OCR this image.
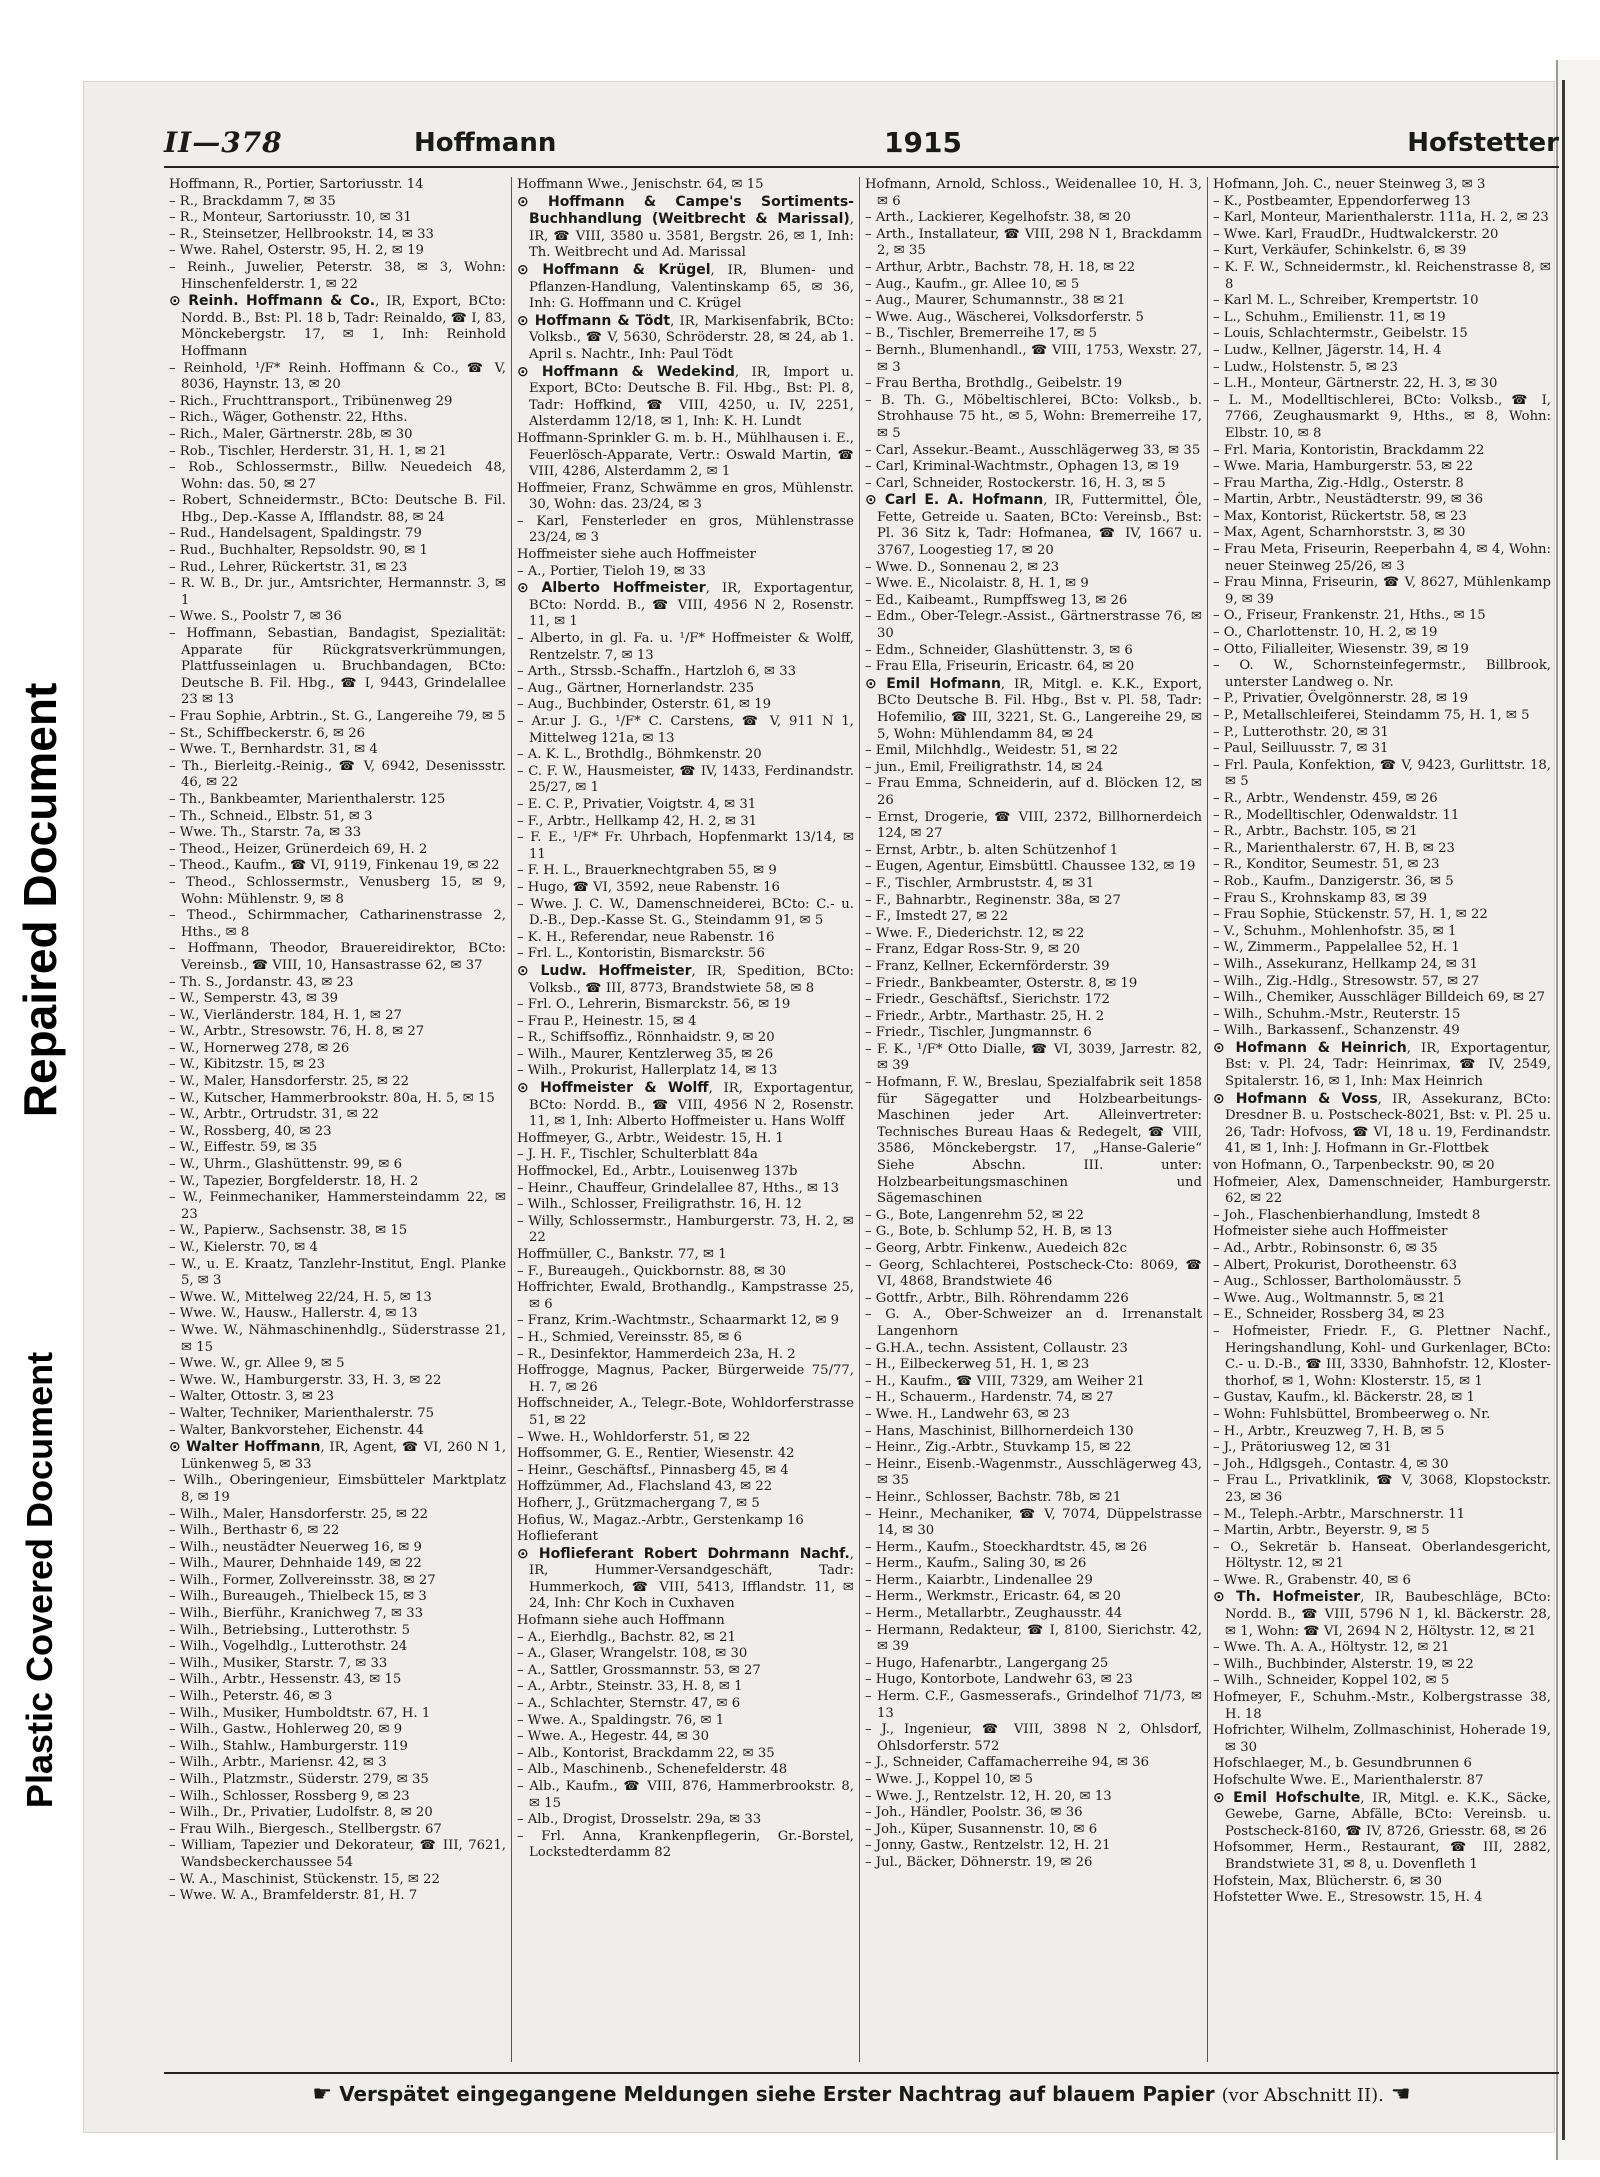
Repaired Document
Plastic Covered Document
II—378	Hoffmann	1915	Hofstetter

Hoffmann, R., Portier, Sartoriusstr. 14

– R., Brackdamm 7, ✉ 35

– R., Monteur, Sartoriusstr. 10, ✉ 31

– R., Steinsetzer, Hellbrookstr. 14, ✉ 33

– Wwe. Rahel, Osterstr. 95, H. 2, ✉ 19

– Reinh., Juwelier, Peterstr. 38, ✉ 3, Wohn: Hinschenfelderstr. 1, ✉ 22

⊙ Reinh. Hoffmann & Co., IR, Export, BCto: Nordd. B., Bst: Pl. 18 b, Tadr: Reinaldo, ☎ I, 83, Mönckebergstr. 17, ✉ 1, Inh: Reinhold Hoffmann

– Reinhold, ¹/F* Reinh. Hoffmann & Co., ☎ V, 8036, Haynstr. 13, ✉ 20

– Rich., Fruchttransport., Tribünenweg 29

– Rich., Wäger, Gothenstr. 22, Hths.

– Rich., Maler, Gärtnerstr. 28b, ✉ 30

– Rob., Tischler, Herderstr. 31, H. 1, ✉ 21

– Rob., Schlossermstr., Billw. Neuedeich 48, Wohn: das. 50, ✉ 27

– Robert, Schneidermstr., BCto: Deutsche B. Fil. Hbg., Dep.-Kasse A, Ifflandstr. 88, ✉ 24

– Rud., Handelsagent, Spaldingstr. 79

– Rud., Buchhalter, Repsoldstr. 90, ✉ 1

– Rud., Lehrer, Rückertstr. 31, ✉ 23

– R. W. B., Dr. jur., Amtsrichter, Hermannstr. 3, ✉ 1

– Wwe. S., Poolstr 7, ✉ 36

– Hoffmann, Sebastian, Bandagist, Spezialität: Apparate für Rückgratsverkrümmungen, Plattfusseinlagen u. Bruchbandagen, BCto: Deutsche B. Fil. Hbg., ☎ I, 9443, Grindelallee 23 ✉ 13

– Frau Sophie, Arbtrin., St. G., Langereihe 79, ✉ 5

– St., Schiffbeckerstr. 6, ✉ 26

– Wwe. T., Bernhardstr. 31, ✉ 4

– Th., Bierleitg.-Reinig., ☎ V, 6942, Desenissstr. 46, ✉ 22

– Th., Bankbeamter, Marienthalerstr. 125

– Th., Schneid., Elbstr. 51, ✉ 3

– Wwe. Th., Starstr. 7a, ✉ 33

– Theod., Heizer, Grünerdeich 69, H. 2

– Theod., Kaufm., ☎ VI, 9119, Finkenau 19, ✉ 22

– Theod., Schlossermstr., Venusberg 15, ✉ 9, Wohn: Mühlenstr. 9, ✉ 8

– Theod., Schirmmacher, Catharinenstrasse 2, Hths., ✉ 8

– Hoffmann, Theodor, Brauereidirektor, BCto: Vereinsb., ☎ VIII, 10, Hansastrasse 62, ✉ 37

– Th. S., Jordanstr. 43, ✉ 23

– W., Semperstr. 43, ✉ 39

– W., Vierländerstr. 184, H. 1, ✉ 27

– W., Arbtr., Stresowstr. 76, H. 8, ✉ 27

– W., Hornerweg 278, ✉ 26

– W., Kibitzstr. 15, ✉ 23

– W., Maler, Hansdorferstr. 25, ✉ 22

– W., Kutscher, Hammerbrookstr. 80a, H. 5, ✉ 15

– W., Arbtr., Ortrudstr. 31, ✉ 22

– W., Rossberg, 40, ✉ 23

– W., Eiffestr. 59, ✉ 35

– W., Uhrm., Glashüttenstr. 99, ✉ 6

– W., Tapezier, Borgfelderstr. 18, H. 2

– W., Feinmechaniker, Hammersteindamm 22, ✉ 23

– W., Papierw., Sachsenstr. 38, ✉ 15

– W., Kielerstr. 70, ✉ 4

– W., u. E. Kraatz, Tanzlehr-Institut, Engl. Planke 5, ✉ 3

– Wwe. W., Mittelweg 22/24, H. 5, ✉ 13

– Wwe. W., Hausw., Hallerstr. 4, ✉ 13

– Wwe. W., Nähmaschinenhdlg., Süderstrasse 21, ✉ 15

– Wwe. W., gr. Allee 9, ✉ 5

– Wwe. W., Hamburgerstr. 33, H. 3, ✉ 22

– Walter, Ottostr. 3, ✉ 23

– Walter, Techniker, Marienthalerstr. 75

– Walter, Bankvorsteher, Eichenstr. 44

⊙ Walter Hoffmann, IR, Agent, ☎ VI, 260 N 1, Lünkenweg 5, ✉ 33

– Wilh., Oberingenieur, Eimsbütteler Marktplatz 8, ✉ 19

– Wilh., Maler, Hansdorferstr. 25, ✉ 22

– Wilh., Berthastr 6, ✉ 22

– Wilh., neustädter Neuerweg 16, ✉ 9

– Wilh., Maurer, Dehnhaide 149, ✉ 22

– Wilh., Former, Zollvereinsstr. 38, ✉ 27

– Wilh., Bureaugeh., Thielbeck 15, ✉ 3

– Wilh., Bierführ., Kranichweg 7, ✉ 33

– Wilh., Betriebsing., Lutterothstr. 5

– Wilh., Vogelhdlg., Lutterothstr. 24

– Wilh., Musiker, Starstr. 7, ✉ 33

– Wilh., Arbtr., Hessenstr. 43, ✉ 15

– Wilh., Peterstr. 46, ✉ 3

– Wilh., Musiker, Humboldtstr. 67, H. 1

– Wilh., Gastw., Hohlerweg 20, ✉ 9

– Wilh., Stahlw., Hamburgerstr. 119

– Wilh., Arbtr., Mariensr. 42, ✉ 3

– Wilh., Platzmstr., Süderstr. 279, ✉ 35

– Wilh., Schlosser, Rossberg 9, ✉ 23

– Wilh., Dr., Privatier, Ludolfstr. 8, ✉ 20

– Frau Wilh., Biergesch., Stellbergstr. 67

– William, Tapezier und Dekorateur, ☎ III, 7621, Wandsbeckerchaussee 54

– W. A., Maschinist, Stückenstr. 15, ✉ 22

– Wwe. W. A., Bramfelderstr. 81, H. 7

Hoffmann Wwe., Jenischstr. 64, ✉ 15

⊙ Hoffmann & Campe's Sortiments-Buchhandlung (Weitbrecht & Marissal), IR, ☎ VIII, 3580 u. 3581, Bergstr. 26, ✉ 1, Inh: Th. Weitbrecht und Ad. Marissal

⊙ Hoffmann & Krügel, IR, Blumen- und Pflanzen-Handlung, Valentinskamp 65, ✉ 36, Inh: G. Hoffmann und C. Krügel

⊙ Hoffmann & Tödt, IR, Markisenfabrik, BCto: Volksb., ☎ V, 5630, Schröderstr. 28, ✉ 24, ab 1. April s. Nachtr., Inh: Paul Tödt

⊙ Hoffmann & Wedekind, IR, Import u. Export, BCto: Deutsche B. Fil. Hbg., Bst: Pl. 8, Tadr: Hoffkind, ☎ VIII, 4250, u. IV, 2251, Alsterdamm 12/18, ✉ 1, Inh: K. H. Lundt

Hoffmann-Sprinkler G. m. b. H., Mühlhausen i. E., Feuerlösch-Apparate, Vertr.: Oswald Martin, ☎ VIII, 4286, Alsterdamm 2, ✉ 1

Hoffmeier, Franz, Schwämme en gros, Mühlenstr. 30, Wohn: das. 23/24, ✉ 3

– Karl, Fensterleder en gros, Mühlenstrasse 23/24, ✉ 3

Hoffmeister siehe auch Hoffmeister

– A., Portier, Tieloh 19, ✉ 33

⊙ Alberto Hoffmeister, IR, Exportagentur, BCto: Nordd. B., ☎ VIII, 4956 N 2, Rosenstr. 11, ✉ 1

– Alberto, in gl. Fa. u. ¹/F* Hoffmeister & Wolff, Rentzelstr. 7, ✉ 13

– Arth., Strssb.-Schaffn., Hartzloh 6, ✉ 33

– Aug., Gärtner, Hornerlandstr. 235

– Aug., Buchbinder, Osterstr. 61, ✉ 19

– Ar.ur J. G., ¹/F* C. Carstens, ☎ V, 911 N 1, Mittelweg 121a, ✉ 13

– A. K. L., Brothdlg., Böhmkenstr. 20

– C. F. W., Hausmeister, ☎ IV, 1433, Ferdinandstr. 25/27, ✉ 1

– E. C. P., Privatier, Voigtstr. 4, ✉ 31

– F., Arbtr., Hellkamp 42, H. 2, ✉ 31

– F. E., ¹/F* Fr. Uhrbach, Hopfenmarkt 13/14, ✉ 11

– F. H. L., Brauerknechtgraben 55, ✉ 9

– Hugo, ☎ VI, 3592, neue Rabenstr. 16

– Wwe. J. C. W., Damenschneiderei, BCto: C.- u. D.-B., Dep.-Kasse St. G., Steindamm 91, ✉ 5

– K. H., Referendar, neue Rabenstr. 16

– Frl. L., Kontoristin, Bismarckstr. 56

⊙ Ludw. Hoffmeister, IR, Spedition, BCto: Volksb., ☎ III, 8773, Brandstwiete 58, ✉ 8

– Frl. O., Lehrerin, Bismarckstr. 56, ✉ 19

– Frau P., Heinestr. 15, ✉ 4

– R., Schiffsoffiz., Rönnhaidstr. 9, ✉ 20

– Wilh., Maurer, Kentzlerweg 35, ✉ 26

– Wilh., Prokurist, Hallerplatz 14, ✉ 13

⊙ Hoffmeister & Wolff, IR, Exportagentur, BCto: Nordd. B., ☎ VIII, 4956 N 2, Rosenstr. 11, ✉ 1, Inh: Alberto Hoffmeister u. Hans Wolff

Hoffmeyer, G., Arbtr., Weidestr. 15, H. 1

– J. H. F., Tischler, Schulterblatt 84a

Hoffmockel, Ed., Arbtr., Louisenweg 137b

– Heinr., Chauffeur, Grindelallee 87, Hths., ✉ 13

– Wilh., Schlosser, Freiligrathstr. 16, H. 12

– Willy, Schlossermstr., Hamburgerstr. 73, H. 2, ✉ 22

Hoffmüller, C., Bankstr. 77, ✉ 1

– F., Bureaugeh., Quickbornstr. 88, ✉ 30

Hoffrichter, Ewald, Brothandlg., Kampstrasse 25, ✉ 6

– Franz, Krim.-Wachtmstr., Schaarmarkt 12, ✉ 9

– H., Schmied, Vereinsstr. 85, ✉ 6

– R., Desinfektor, Hammerdeich 23a, H. 2

Hoffrogge, Magnus, Packer, Bürgerweide 75/77, H. 7, ✉ 26

Hoffschneider, A., Telegr.-Bote, Wohldorferstrasse 51, ✉ 22

– Wwe. H., Wohldorferstr. 51, ✉ 22

Hoffsommer, G. E., Rentier, Wiesenstr. 42

– Heinr., Geschäftsf., Pinnasberg 45, ✉ 4

Hoffzümmer, Ad., Flachsland 43, ✉ 22

Hofherr, J., Grützmachergang 7, ✉ 5

Hofius, W., Magaz.-Arbtr., Gerstenkamp 16

Hoflieferant

⊙ Hoflieferant Robert Dohrmann Nachf., IR, Hummer-Versandgeschäft, Tadr: Hummerkoch, ☎ VIII, 5413, Ifflandstr. 11, ✉ 24, Inh: Chr Koch in Cuxhaven

Hofmann siehe auch Hoffmann

– A., Eierhdlg., Bachstr. 82, ✉ 21

– A., Glaser, Wrangelstr. 108, ✉ 30

– A., Sattler, Grossmannstr. 53, ✉ 27

– A., Arbtr., Steinstr. 33, H. 8, ✉ 1

– A., Schlachter, Sternstr. 47, ✉ 6

– Wwe. A., Spaldingstr. 76, ✉ 1

– Wwe. A., Hegestr. 44, ✉ 30

– Alb., Kontorist, Brackdamm 22, ✉ 35

– Alb., Maschinenb., Schenefelderstr. 48

– Alb., Kaufm., ☎ VIII, 876, Hammerbrookstr. 8, ✉ 15

– Alb., Drogist, Drosselstr. 29a, ✉ 33

– Frl. Anna, Krankenpflegerin, Gr.-Borstel, Lockstedterdamm 82

Hofmann, Arnold, Schloss., Weidenallee 10, H. 3, ✉ 6

– Arth., Lackierer, Kegelhofstr. 38, ✉ 20

– Arth., Installateur, ☎ VIII, 298 N 1, Brackdamm 2, ✉ 35

– Arthur, Arbtr., Bachstr. 78, H. 18, ✉ 22

– Aug., Kaufm., gr. Allee 10, ✉ 5

– Aug., Maurer, Schumannstr., 38 ✉ 21

– Wwe. Aug., Wäscherei, Volksdorferstr. 5

– B., Tischler, Bremerreihe 17, ✉ 5

– Bernh., Blumenhandl., ☎ VIII, 1753, Wexstr. 27, ✉ 3

– Frau Bertha, Brothdlg., Geibelstr. 19

– B. Th. G., Möbeltischlerei, BCto: Volksb., b. Strohhause 75 ht., ✉ 5, Wohn: Bremerreihe 17, ✉ 5

– Carl, Assekur.-Beamt., Ausschlägerweg 33, ✉ 35

– Carl, Kriminal-Wachtmstr., Ophagen 13, ✉ 19

– Carl, Schneider, Rostockerstr. 16, H. 3, ✉ 5

⊙ Carl E. A. Hofmann, IR, Futtermittel, Öle, Fette, Getreide u. Saaten, BCto: Vereinsb., Bst: Pl. 36 Sitz k, Tadr: Hofmanea, ☎ IV, 1667 u. 3767, Loogestieg 17, ✉ 20

– Wwe. D., Sonnenau 2, ✉ 23

– Wwe. E., Nicolaistr. 8, H. 1, ✉ 9

– Ed., Kaibeamt., Rumpffsweg 13, ✉ 26

– Edm., Ober-Telegr.-Assist., Gärtnerstrasse 76, ✉ 30

– Edm., Schneider, Glashüttenstr. 3, ✉ 6

– Frau Ella, Friseurin, Ericastr. 64, ✉ 20

⊙ Emil Hofmann, IR, Mitgl. e. K.K., Export, BCto Deutsche B. Fil. Hbg., Bst v. Pl. 58, Tadr: Hofemilio, ☎ III, 3221, St. G., Langereihe 29, ✉ 5, Wohn: Mühlendamm 84, ✉ 24

– Emil, Milchhdlg., Weidestr. 51, ✉ 22

– jun., Emil, Freiligrathstr. 14, ✉ 24

– Frau Emma, Schneiderin, auf d. Blöcken 12, ✉ 26

– Ernst, Drogerie, ☎ VIII, 2372, Billhornerdeich 124, ✉ 27

– Ernst, Arbtr., b. alten Schützenhof 1

– Eugen, Agentur, Eimsbüttl. Chaussee 132, ✉ 19

– F., Tischler, Armbruststr. 4, ✉ 31

– F., Bahnarbtr., Reginenstr. 38a, ✉ 27

– F., Imstedt 27, ✉ 22

– Wwe. F., Diederichstr. 12, ✉ 22

– Franz, Edgar Ross-Str. 9, ✉ 20

– Franz, Kellner, Eckernförderstr. 39

– Friedr., Bankbeamter, Osterstr. 8, ✉ 19

– Friedr., Geschäftsf., Sierichstr. 172

– Friedr., Arbtr., Marthastr. 25, H. 2

– Friedr., Tischler, Jungmannstr. 6

– F. K., ¹/F* Otto Dialle, ☎ VI, 3039, Jarrestr. 82, ✉ 39

– Hofmann, F. W., Breslau, Spezialfabrik seit 1858 für Sägegatter und Holzbearbeitungs-Maschinen jeder Art. Alleinvertreter: Technisches Bureau Haas & Redegelt, ☎ VIII, 3586, Mönckebergstr. 17, „Hanse-Galerie“ Siehe Abschn. III. unter: Holzbearbeitungsmaschinen und Sägemaschinen

– G., Bote, Langenrehm 52, ✉ 22

– G., Bote, b. Schlump 52, H. B, ✉ 13

– Georg, Arbtr. Finkenw., Auedeich 82c

– Georg, Schlachterei, Postscheck-Cto: 8069, ☎ VI, 4868, Brandstwiete 46

– Gottfr., Arbtr., Bilh. Röhrendamm 226

– G. A., Ober-Schweizer an d. Irrenanstalt Langenhorn

– G.H.A., techn. Assistent, Collaustr. 23

– H., Eilbeckerweg 51, H. 1, ✉ 23

– H., Kaufm., ☎ VIII, 7329, am Weiher 21

– H., Schauerm., Hardenstr. 74, ✉ 27

– Wwe. H., Landwehr 63, ✉ 23

– Hans, Maschinist, Billhornerdeich 130

– Heinr., Zig.-Arbtr., Stuvkamp 15, ✉ 22

– Heinr., Eisenb.-Wagenmstr., Ausschlägerweg 43, ✉ 35

– Heinr., Schlosser, Bachstr. 78b, ✉ 21

– Heinr., Mechaniker, ☎ V, 7074, Düppelstrasse 14, ✉ 30

– Herm., Kaufm., Stoeckhardtstr. 45, ✉ 26

– Herm., Kaufm., Saling 30, ✉ 26

– Herm., Kaiarbtr., Lindenallee 29

– Herm., Werkmstr., Ericastr. 64, ✉ 20

– Herm., Metallarbtr., Zeughausstr. 44

– Hermann, Redakteur, ☎ I, 8100, Sierichstr. 42, ✉ 39

– Hugo, Hafenarbtr., Langergang 25

– Hugo, Kontorbote, Landwehr 63, ✉ 23

– Herm. C.F., Gasmesserafs., Grindelhof 71/73, ✉ 13

– J., Ingenieur, ☎ VIII, 3898 N 2, Ohlsdorf, Ohlsdorferstr. 572

– J., Schneider, Caffamacherreihe 94, ✉ 36

– Wwe. J., Koppel 10, ✉ 5

– Wwe. J., Rentzelstr. 12, H. 20, ✉ 13

– Joh., Händler, Poolstr. 36, ✉ 36

– Joh., Küper, Susannenstr. 10, ✉ 6

– Jonny, Gastw., Rentzelstr. 12, H. 21

– Jul., Bäcker, Döhnerstr. 19, ✉ 26

Hofmann, Joh. C., neuer Steinweg 3, ✉ 3

– K., Postbeamter, Eppendorferweg 13

– Karl, Monteur, Marienthalerstr. 111a, H. 2, ✉ 23

– Wwe. Karl, FraudDr., Hudtwalckerstr. 20

– Kurt, Verkäufer, Schinkelstr. 6, ✉ 39

– K. F. W., Schneidermstr., kl. Reichenstrasse 8, ✉ 8

– Karl M. L., Schreiber, Krempertstr. 10

– L., Schuhm., Emilienstr. 11, ✉ 19

– Louis, Schlachtermstr., Geibelstr. 15

– Ludw., Kellner, Jägerstr. 14, H. 4

– Ludw., Holstenstr. 5, ✉ 23

– L.H., Monteur, Gärtnerstr. 22, H. 3, ✉ 30

– L. M., Modelltischlerei, BCto: Volksb., ☎ I, 7766, Zeughausmarkt 9, Hths., ✉ 8, Wohn: Elbstr. 10, ✉ 8

– Frl. Maria, Kontoristin, Brackdamm 22

– Wwe. Maria, Hamburgerstr. 53, ✉ 22

– Frau Martha, Zig.-Hdlg., Osterstr. 8

– Martin, Arbtr., Neustädterstr. 99, ✉ 36

– Max, Kontorist, Rückertstr. 58, ✉ 23

– Max, Agent, Scharnhorststr. 3, ✉ 30

– Frau Meta, Friseurin, Reeperbahn 4, ✉ 4, Wohn: neuer Steinweg 25/26, ✉ 3

– Frau Minna, Friseurin, ☎ V, 8627, Mühlenkamp 9, ✉ 39

– O., Friseur, Frankenstr. 21, Hths., ✉ 15

– O., Charlottenstr. 10, H. 2, ✉ 19

– Otto, Filialleiter, Wiesenstr. 39, ✉ 19

– O. W., Schornsteinfegermstr., Billbrook, unterster Landweg o. Nr.

– P., Privatier, Övelgönnerstr. 28, ✉ 19

– P., Metallschleiferei, Steindamm 75, H. 1, ✉ 5

– P., Lutterothstr. 20, ✉ 31

– Paul, Seilluusstr. 7, ✉ 31

– Frl. Paula, Konfektion, ☎ V, 9423, Gurlittstr. 18, ✉ 5

– R., Arbtr., Wendenstr. 459, ✉ 26

– R., Modelltischler, Odenwaldstr. 11

– R., Arbtr., Bachstr. 105, ✉ 21

– R., Marienthalerstr. 67, H. B, ✉ 23

– R., Konditor, Seumestr. 51, ✉ 23

– Rob., Kaufm., Danzigerstr. 36, ✉ 5

– Frau S., Krohnskamp 83, ✉ 39

– Frau Sophie, Stückenstr. 57, H. 1, ✉ 22

– V., Schuhm., Mohlenhofstr. 35, ✉ 1

– W., Zimmerm., Pappelallee 52, H. 1

– Wilh., Assekuranz, Hellkamp 24, ✉ 31

– Wilh., Zig.-Hdlg., Stresowstr. 57, ✉ 27

– Wilh., Chemiker, Ausschläger Billdeich 69, ✉ 27

– Wilh., Schuhm.-Mstr., Reuterstr. 15

– Wilh., Barkassenf., Schanzenstr. 49

⊙ Hofmann & Heinrich, IR, Exportagentur, Bst: v. Pl. 24, Tadr: Heinrimax, ☎ IV, 2549, Spitalerstr. 16, ✉ 1, Inh: Max Heinrich

⊙ Hofmann & Voss, IR, Assekuranz, BCto: Dresdner B. u. Postscheck-8021, Bst: v. Pl. 25 u. 26, Tadr: Hofvoss, ☎ VI, 18 u. 19, Ferdinandstr. 41, ✉ 1, Inh: J. Hofmann in Gr.-Flottbek

von Hofmann, O., Tarpenbeckstr. 90, ✉ 20

Hofmeier, Alex, Damenschneider, Hamburgerstr. 62, ✉ 22

– Joh., Flaschenbierhandlung, Imstedt 8

Hofmeister siehe auch Hoffmeister

– Ad., Arbtr., Robinsonstr. 6, ✉ 35

– Albert, Prokurist, Dorotheenstr. 63

– Aug., Schlosser, Bartholomäusstr. 5

– Wwe. Aug., Woltmannstr. 5, ✉ 21

– E., Schneider, Rossberg 34, ✉ 23

– Hofmeister, Friedr. F., G. Plettner Nachf., Heringshandlung, Kohl- und Gurkenlager, BCto: C.- u. D.-B., ☎ III, 3330, Bahnhofstr. 12, Klosterthorhof, ✉ 1, Wohn: Klosterstr. 15, ✉ 1

– Gustav, Kaufm., kl. Bäckerstr. 28, ✉ 1

– Wohn: Fuhlsbüttel, Brombeerweg o. Nr.

– H., Arbtr., Kreuzweg 7, H. B, ✉ 5

– J., Prätoriusweg 12, ✉ 31

– Joh., Hdlgsgeh., Contastr. 4, ✉ 30

– Frau L., Privatklinik, ☎ V, 3068, Klopstockstr. 23, ✉ 36

– M., Teleph.-Arbtr., Marschnerstr. 11

– Martin, Arbtr., Beyerstr. 9, ✉ 5

– O., Sekretär b. Hanseat. Oberlandesgericht, Höltystr. 12, ✉ 21

– Wwe. R., Grabenstr. 40, ✉ 6

⊙ Th. Hofmeister, IR, Baubeschläge, BCto: Nordd. B., ☎ VIII, 5796 N 1, kl. Bäckerstr. 28, ✉ 1, Wohn: ☎ VI, 2694 N 2, Höltystr. 12, ✉ 21

– Wwe. Th. A. A., Höltystr. 12, ✉ 21

– Wilh., Buchbinder, Alsterstr. 19, ✉ 22

– Wilh., Schneider, Koppel 102, ✉ 5

Hofmeyer, F., Schuhm.-Mstr., Kolbergstrasse 38, H. 18

Hofrichter, Wilhelm, Zollmaschinist, Hoherade 19, ✉ 30

Hofschlaeger, M., b. Gesundbrunnen 6

Hofschulte Wwe. E., Marienthalerstr. 87

⊙ Emil Hofschulte, IR, Mitgl. e. K.K., Säcke, Gewebe, Garne, Abfälle, BCto: Vereinsb. u. Postscheck-8160, ☎ IV, 8726, Griesstr. 68, ✉ 26

Hofsommer, Herm., Restaurant, ☎ III, 2882, Brandstwiete 31, ✉ 8, u. Dovenfleth 1

Hofstein, Max, Blücherstr. 6, ✉ 30

Hofstetter Wwe. E., Stresowstr. 15, H. 4

☛ Verspätet eingegangene Meldungen siehe Erster Nachtrag auf blauem Papier (vor Abschnitt II). ☚
